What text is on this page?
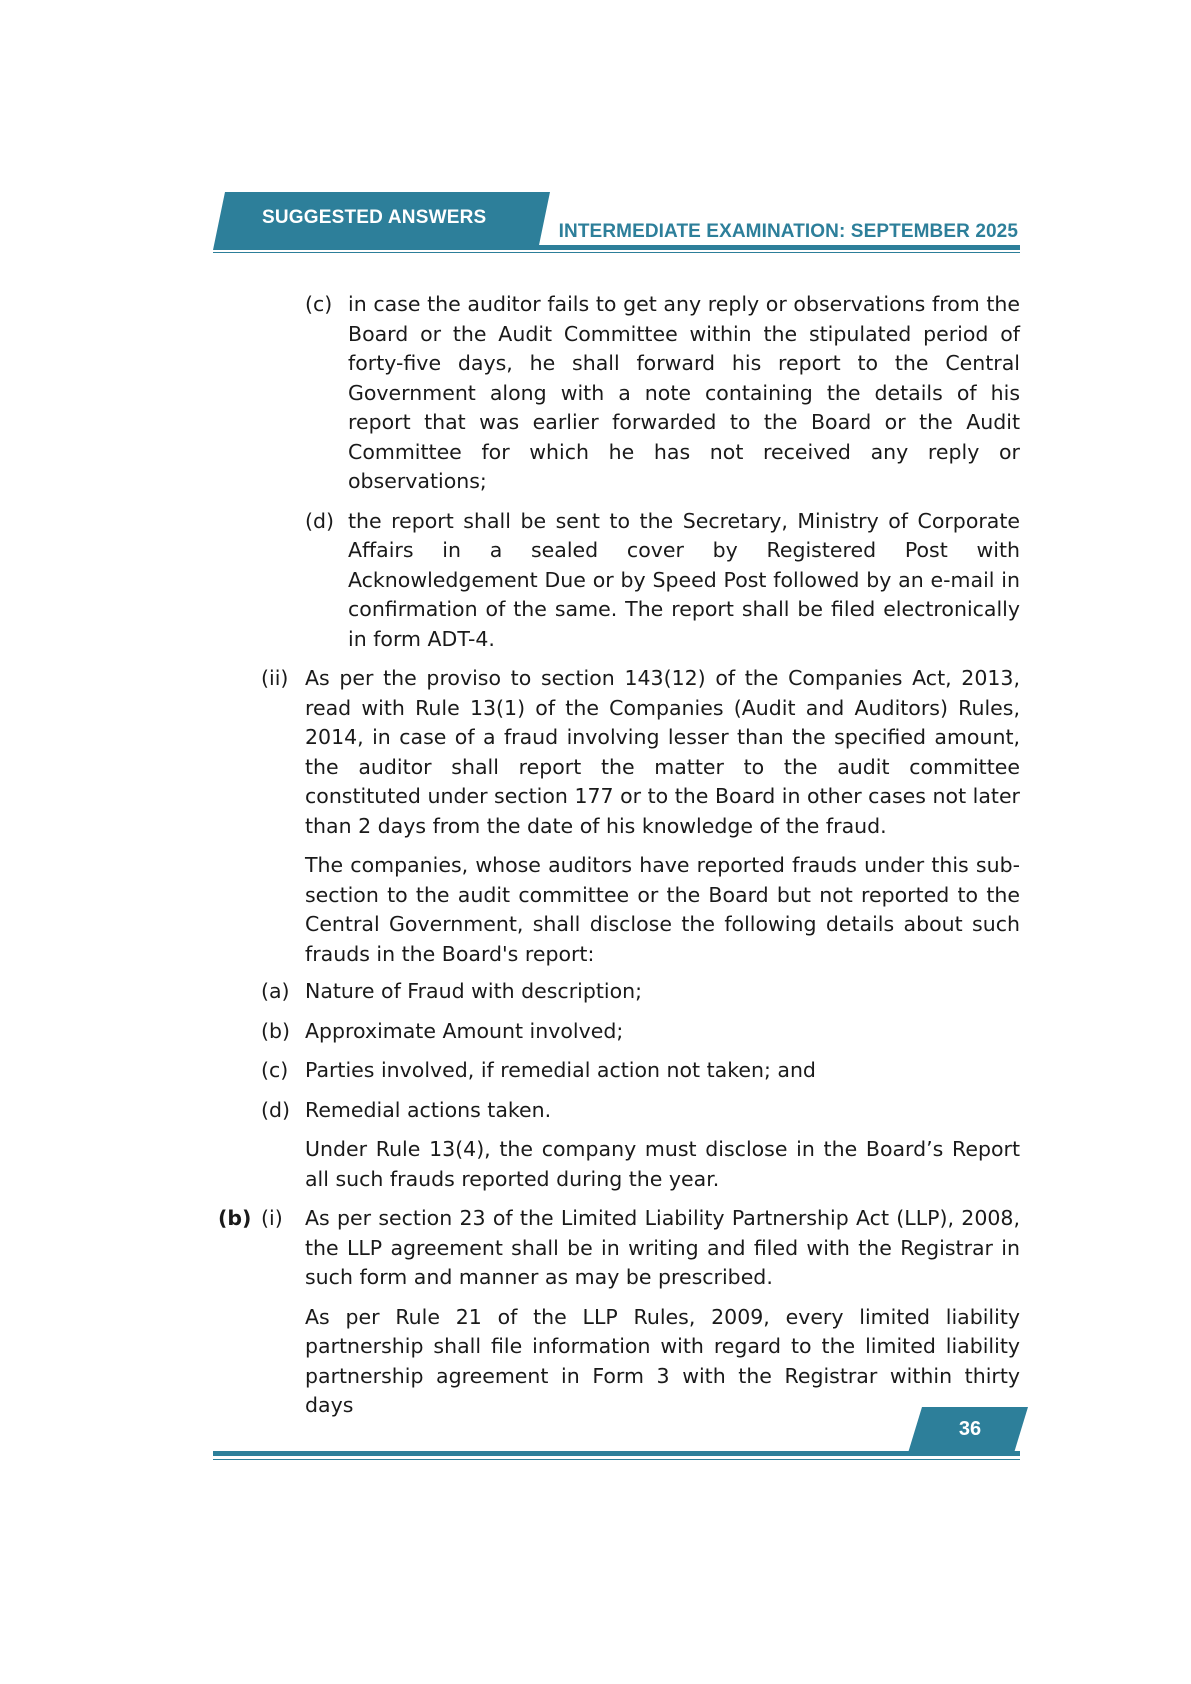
SUGGESTED ANSWERS
INTERMEDIATE EXAMINATION: SEPTEMBER 2025
(c) in case the auditor fails to get any reply or observations from the Board or the Audit Committee within the stipulated period of forty-five days, he shall forward his report to the Central Government along with a note containing the details of his report that was earlier forwarded to the Board or the Audit Committee for which he has not received any reply or observations;
(d) the report shall be sent to the Secretary, Ministry of Corporate Affairs in a sealed cover by Registered Post with Acknowledgement Due or by Speed Post followed by an e-mail in confirmation of the same. The report shall be filed electronically in form ADT-4.
(ii) As per the proviso to section 143(12) of the Companies Act, 2013, read with Rule 13(1) of the Companies (Audit and Auditors) Rules, 2014, in case of a fraud involving lesser than the specified amount, the auditor shall report the matter to the audit committee constituted under section 177 or to the Board in other cases not later than 2 days from the date of his knowledge of the fraud.
The companies, whose auditors have reported frauds under this sub-section to the audit committee or the Board but not reported to the Central Government, shall disclose the following details about such frauds in the Board's report:
(a) Nature of Fraud with description;
(b) Approximate Amount involved;
(c) Parties involved, if remedial action not taken; and
(d) Remedial actions taken.
Under Rule 13(4), the company must disclose in the Board’s Report all such frauds reported during the year.
(b) (i) As per section 23 of the Limited Liability Partnership Act (LLP), 2008, the LLP agreement shall be in writing and filed with the Registrar in such form and manner as may be prescribed.
As per Rule 21 of the LLP Rules, 2009, every limited liability partnership shall file information with regard to the limited liability partnership agreement in Form 3 with the Registrar within thirty days
36
